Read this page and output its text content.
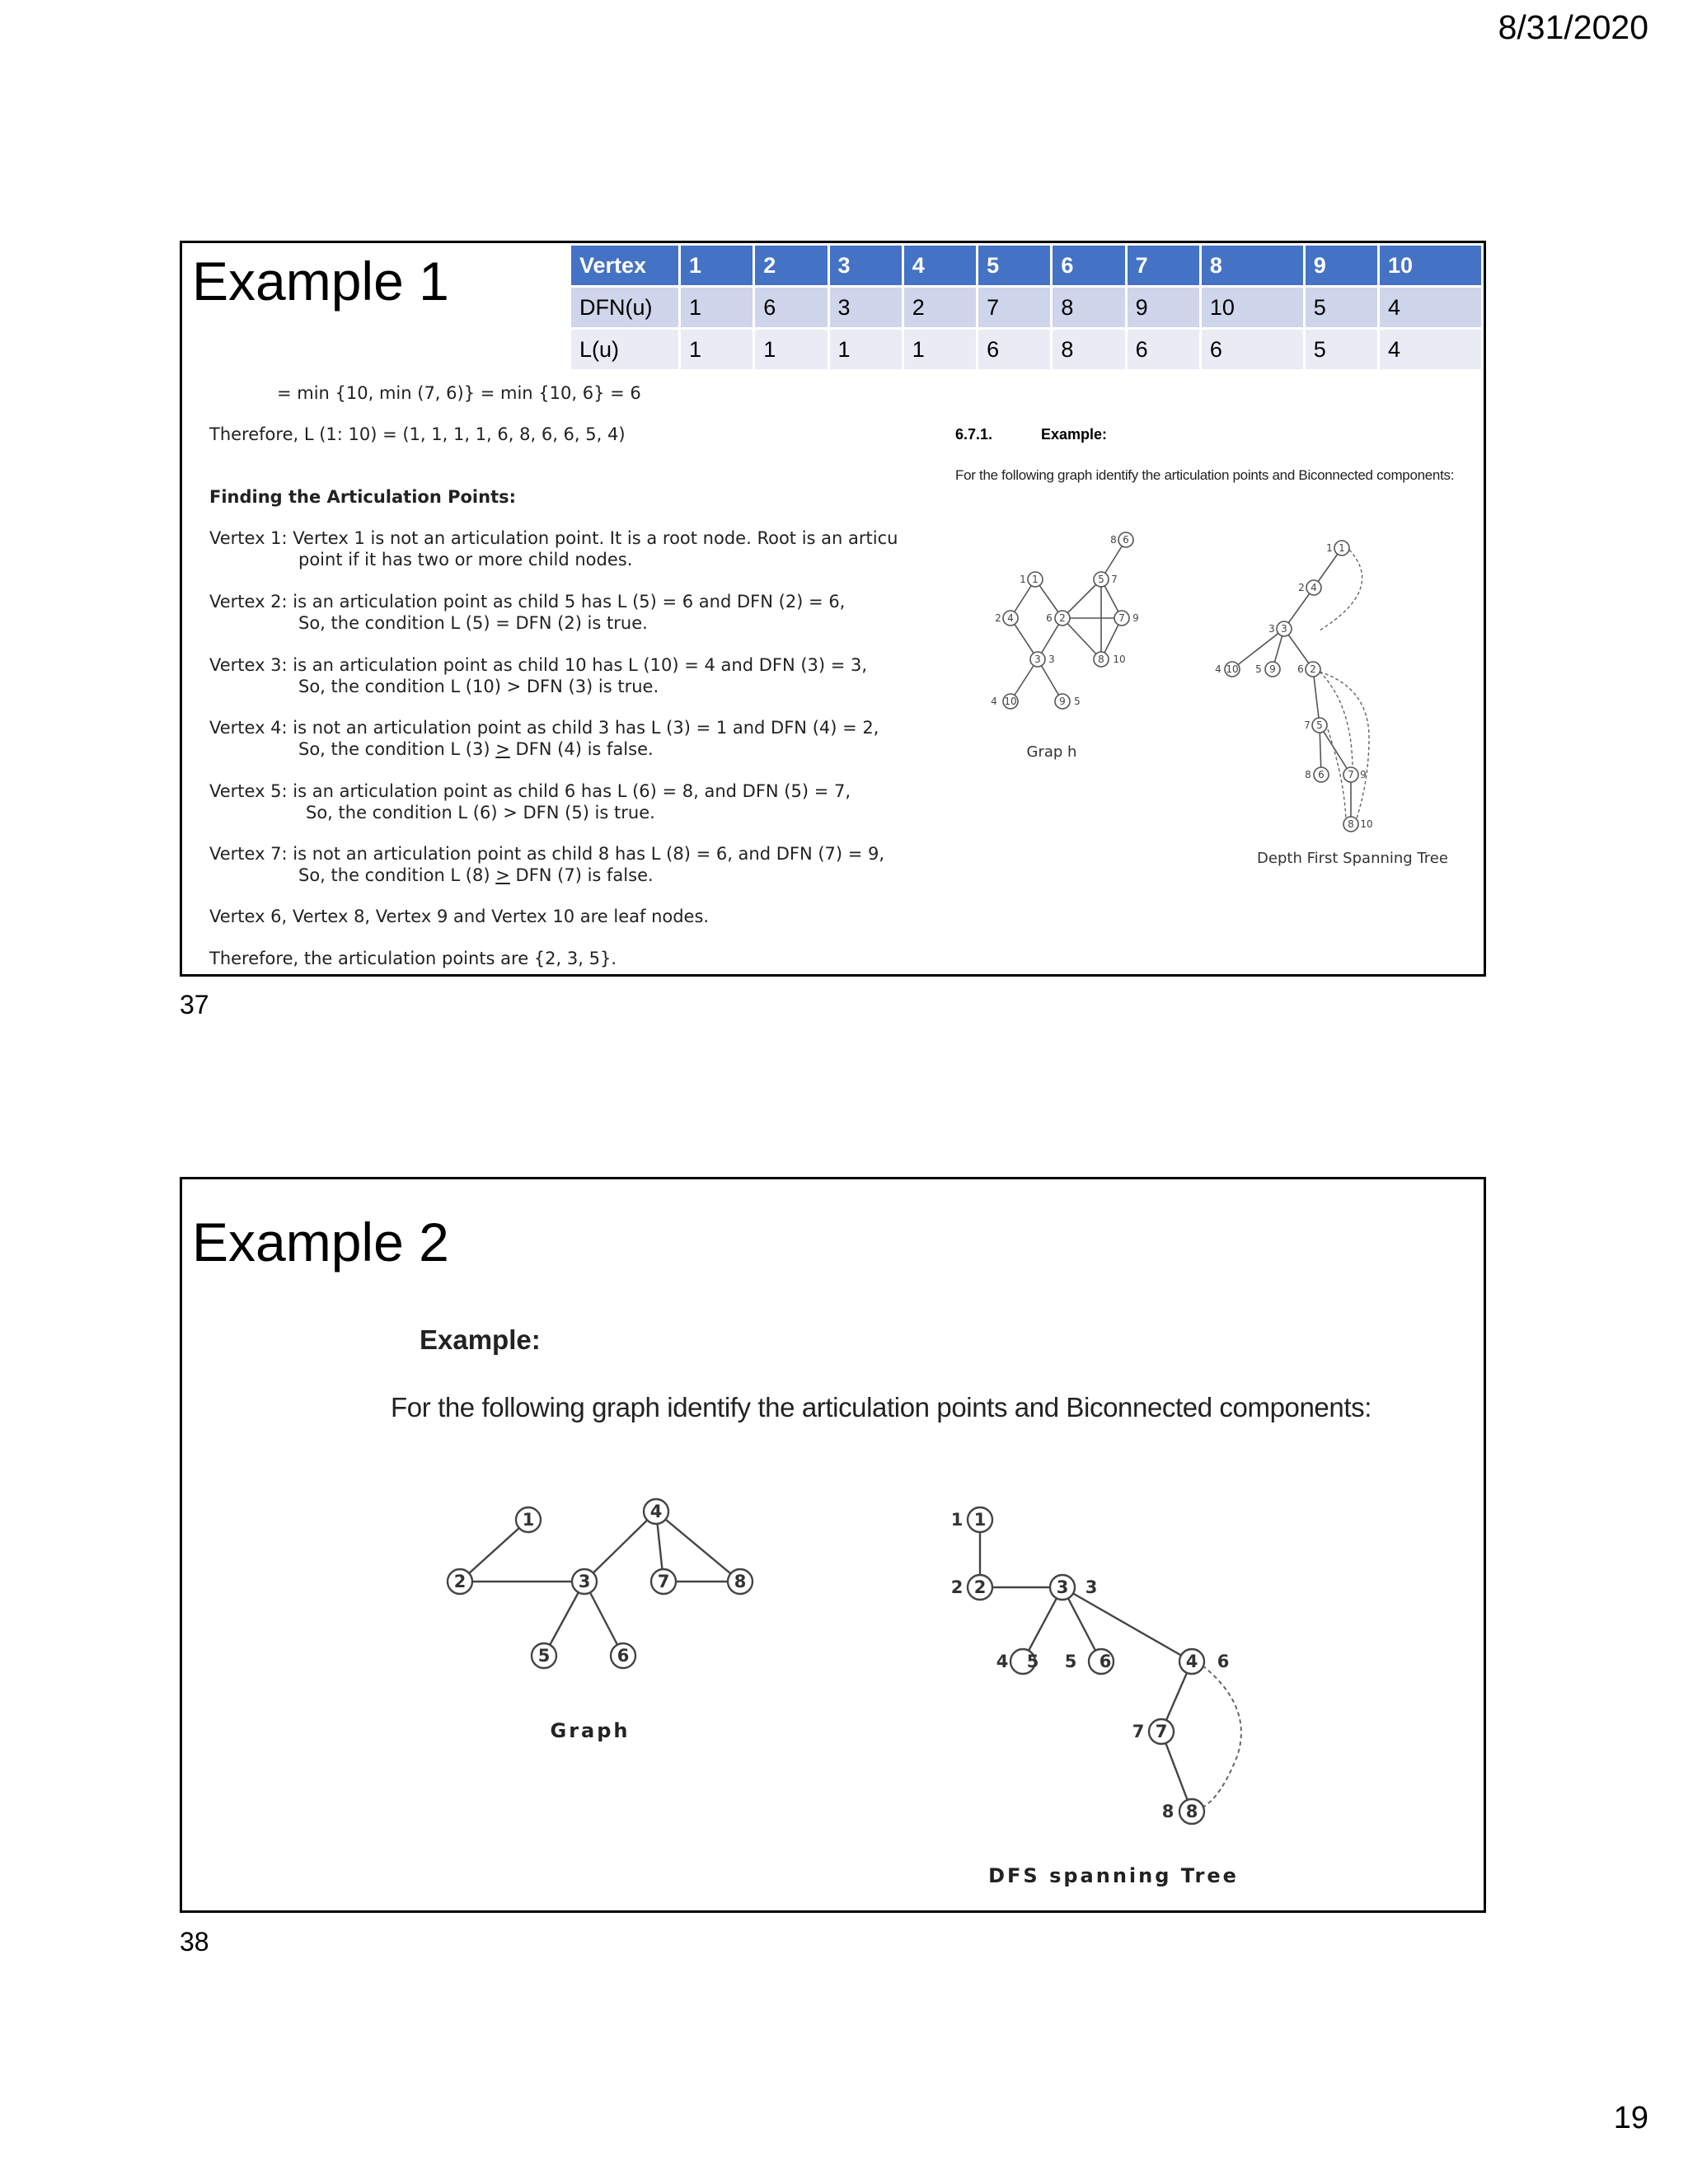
8/31/2020
Example 1	Vertex	1	2	3	4	5	6	7	8	9	10
DFN(u)	1	6	3	2	7	8	9	10	5	4
L(u)	1	1	1	1	6	8	6	6	5	4
= min {10, min (7, 6)} = min {10, 6} = 6
Therefore, L (1: 10) = (1, 1, 1, 1, 6, 8, 6, 6, 5, 4)
Finding the Articulation Points:
Vertex 1: Vertex 1 is not an articulation point. It is a root node. Root is an articu
point if it has two or more child nodes.
Vertex 2: is an articulation point as child 5 has L (5) = 6 and DFN (2) = 6,
So, the condition L (5) = DFN (2) is true.
Vertex 3: is an articulation point as child 10 has L (10) = 4 and DFN (3) = 3,
So, the condition L (10) > DFN (3) is true.
Vertex 4: is not an articulation point as child 3 has L (3) = 1 and DFN (4) = 2,
So, the condition L (3) > DFN (4) is false.
Vertex 5: is an articulation point as child 6 has L (6) = 8, and DFN (5) = 7,
So, the condition L (6) > DFN (5) is true.
Vertex 7: is not an articulation point as child 8 has L (8) = 6, and DFN (7) = 9,
So, the condition L (8) > DFN (7) is false.
Vertex 6, Vertex 8, Vertex 9 and Vertex 10 are leaf nodes.
Therefore, the articulation points are {2, 3, 5}.
6.7.1.	Example:
For the following graph identify the articulation points and Biconnected components:
1
1
4
2	2
6
3 3
10
4	9 5
5 7
7 9
8 10
6
8
1
1
4
2
3
3
10
4	9
5	2
6
5
7
6
8	7 9
8 10
Grap h
Depth First Spanning Tree
37
Example 2
Example:
For the following graph identify the articulation points and Biconnected components:
1
2	3
5	6
4
7	8
1
1
2
2	3 3
5
4	6
5	4 6
7
7
8
8
Graph
DFS spanning Tree
38
19
